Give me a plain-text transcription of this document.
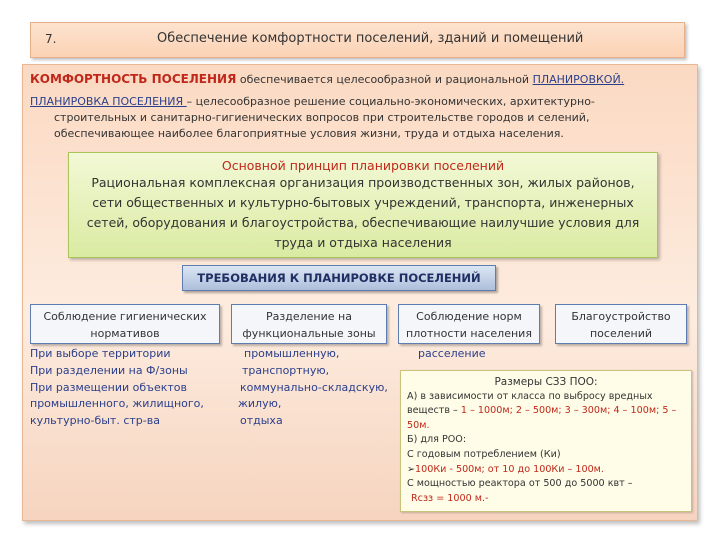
7.	Обеспечение комфортности поселений, зданий и помещений
КОМФОРТНОСТЬ ПОСЕЛЕНИЯ обеспечивается целесообразной и рациональной ПЛАНИРОВКОЙ.
ПЛАНИРОВКА ПОСЕЛЕНИЯ – целесообразное решение социально-экономических, архитектурно-
строительных и санитарно-гигиенических вопросов при строительстве городов и селений,
обеспечивающее наиболее благоприятные условия жизни, труда и отдыха населения.
Основной принцип планировки поселений
Рациональная комплексная организация производственных зон, жилых районов,
сети общественных и культурно-бытовых учреждений, транспорта, инженерных
сетей, оборудования и благоустройства, обеспечивающие наилучшие условия для
труда и отдыха населения
ТРЕБОВАНИЯ К ПЛАНИРОВКЕ ПОСЕЛЕНИЙ
Соблюдение гигиенических
нормативов
Разделение на
функциональные зоны
Соблюдение норм
плотности населения
Благоустройство
поселений
При выборе территории
При разделении на Ф/зоны
При размещении объектов
промышленного, жилищного,
культурно-быт. стр-ва
промышленную,
транспортную,
коммунально-складскую,
жилую,
отдыха
расселение
Размеры СЗЗ ПОО:
А) в зависимости от класса по выбросу вредных
веществ – 1 – 1000м; 2 – 500м; 3 – 300м; 4 – 100м; 5 –
50м.
Б) для РОО:
С годовым потреблением (Ки)
➢100Ки - 500м; от 10 до 100Ки – 100м.
С мощностью реактора от 500 до 5000 квт –
Rсзз = 1000 м.-
